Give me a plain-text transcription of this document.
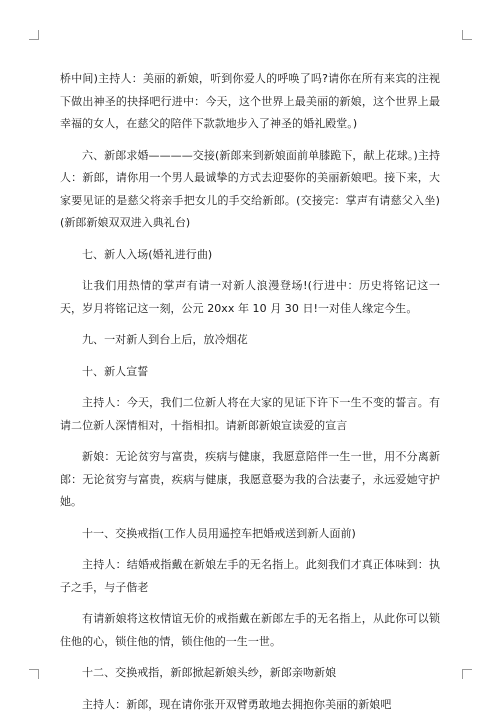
桥中间)主持人：美丽的新娘，听到你爱人的呼唤了吗?请你在所有来宾的注视下做出神圣的抉择吧行进中：今天，这个世界上最美丽的新娘，这个世界上最幸福的女人，在慈父的陪伴下款款地步入了神圣的婚礼殿堂。)

六、新郎求婚————交接(新郎来到新娘面前单膝跪下，献上花球。)主持人：新郎，请你用一个男人最诚挚的方式去迎娶你的美丽新娘吧。接下来，大家要见证的是慈父将亲手把女儿的手交给新郎。(交接完：掌声有请慈父入坐)(新郎新娘双双进入典礼台)

七、新人入场(婚礼进行曲)

让我们用热情的掌声有请一对新人浪漫登场!(行进中：历史将铭记这一天，岁月将铭记这一刻，公元 20xx 年 10 月 30 日!一对佳人缘定今生。

九、一对新人到台上后，放冷烟花

十、新人宣誓

主持人：今天，我们二位新人将在大家的见证下许下一生不变的誓言。有请二位新人深情相对，十指相扣。请新郎新娘宣读爱的宣言

新娘：无论贫穷与富贵，疾病与健康，我愿意陪伴一生一世，用不分离新郎：无论贫穷与富贵，疾病与健康，我愿意娶为我的合法妻子，永远爱她守护她。

十一、交换戒指(工作人员用遥控车把婚戒送到新人面前)

主持人：结婚戒指戴在新娘左手的无名指上。此刻我们才真正体味到：执子之手，与子偕老

有请新娘将这枚情谊无价的戒指戴在新郎左手的无名指上，从此你可以锁住他的心，锁住他的情，锁住他的一生一世。

十二、交换戒指，新郎掀起新娘头纱，新郎亲吻新娘

主持人：新郎，现在请你张开双臂勇敢地去拥抱你美丽的新娘吧
